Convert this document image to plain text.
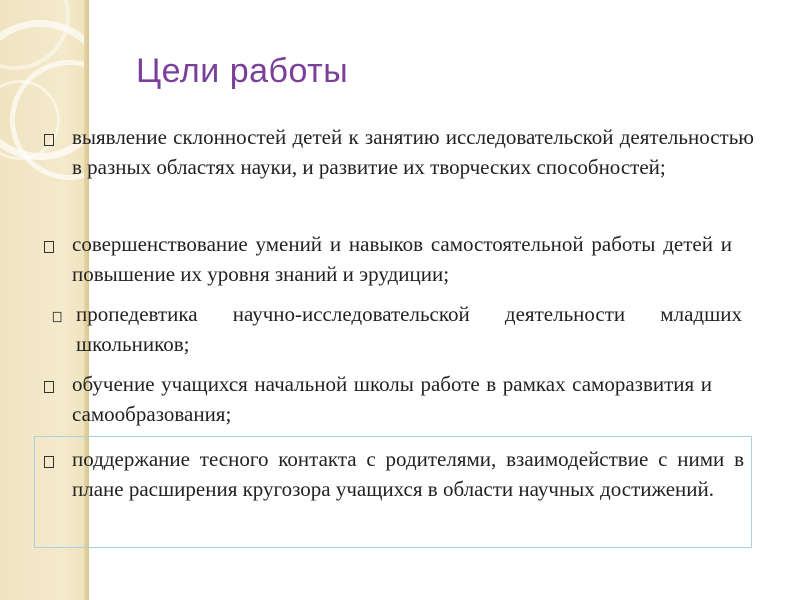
Цели работы
выявление склонностей детей к занятию исследовательской деятельностью в разных областях науки, и развитие их творческих способностей;
совершенствование умений и навыков самостоятельной работы детей и повышение их уровня знаний и эрудиции;
пропедевтика научно-исследовательской деятельности младших школьников;
обучение учащихся начальной школы работе в рамках саморазвития и самообразования;
поддержание тесного контакта с родителями, взаимодействие с ними в плане расширения кругозора учащихся в области научных достижений.
